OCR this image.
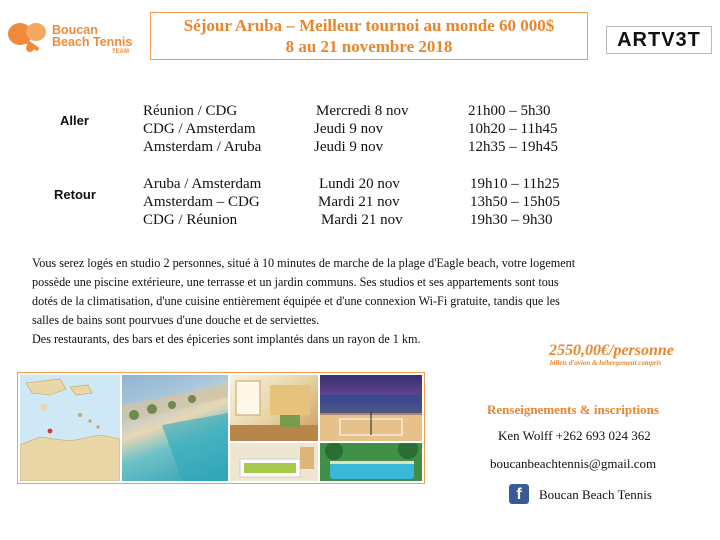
Boucan
Beach Tennis
TEAM
Séjour Aruba – Meilleur tournoi au monde 60 000$
8 au 21 novembre 2018	ARTV3T
Aller
Réunion / CDG	Mercredi 8 nov	21h00 – 5h30
CDG / Amsterdam	Jeudi 9 nov	10h20 – 11h45
Amsterdam / Aruba	Jeudi 9 nov	12h35 – 19h45
Retour
Aruba / Amsterdam	Lundi 20 nov	19h10 – 11h25
Amsterdam – CDG	Mardi 21 nov	13h50 – 15h05
CDG / Réunion	Mardi 21 nov	19h30 – 9h30

Vous serez logés en studio 2 personnes, situé à 10 minutes de marche de la plage d'Eagle beach, votre logement

possède une piscine extérieure, une terrasse et un jardin communs. Ses studios et ses appartements sont tous

dotés de la climatisation, d'une cuisine entièrement équipée et d'une connexion Wi-Fi gratuite, tandis que les

salles de bains sont pourvues d'une douche et de serviettes.

Des restaurants, des bars et des épiceries sont implantés dans un rayon de 1 km.

2550,00€/personne
billets d'avion & hébergement compris
Renseignements & inscriptions
Ken Wolff +262 693 024 362
boucanbeachtennis@gmail.com
f	Boucan Beach Tennis
